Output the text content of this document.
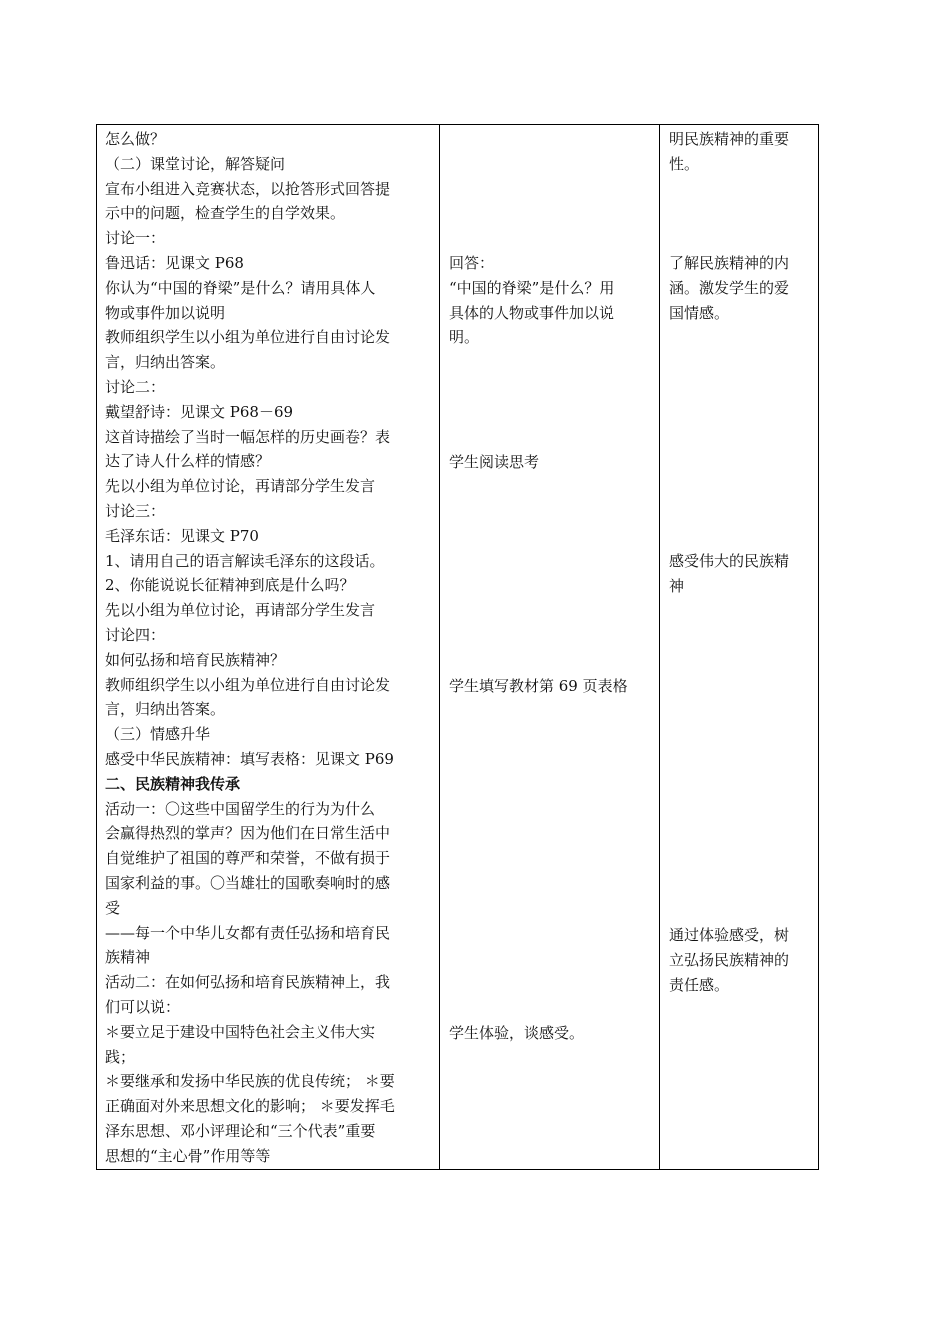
怎么做？
（二）课堂讨论，解答疑问
宣布小组进入竞赛状态，以抢答形式回答提
示中的问题，检查学生的自学效果。
讨论一：
鲁迅话：见课文 P68
你认为“中国的脊梁”是什么？请用具体人
物或事件加以说明
教师组织学生以小组为单位进行自由讨论发
言，归纳出答案。
讨论二：
戴望舒诗：见课文 P68－69
这首诗描绘了当时一幅怎样的历史画卷？表
达了诗人什么样的情感？
先以小组为单位讨论，再请部分学生发言
讨论三：
毛泽东话：见课文 P70
1、请用自己的语言解读毛泽东的这段话。
2、你能说说长征精神到底是什么吗？
先以小组为单位讨论，再请部分学生发言
讨论四：
如何弘扬和培育民族精神？
教师组织学生以小组为单位进行自由讨论发
言，归纳出答案。
（三）情感升华
感受中华民族精神：填写表格：见课文 P69
二、民族精神我传承
活动一：〇这些中国留学生的行为为什么
会赢得热烈的掌声？因为他们在日常生活中
自觉维护了祖国的尊严和荣誉，不做有损于
国家利益的事。〇当雄壮的国歌奏响时的感
受
——每一个中华儿女都有责任弘扬和培育民
族精神
活动二：在如何弘扬和培育民族精神上，我
们可以说：
＊要立足于建设中国特色社会主义伟大实
践；
＊要继承和发扬中华民族的优良传统； ＊要
正确面对外来思想文化的影响； ＊要发挥毛
泽东思想、邓小评理论和“三个代表”重要
思想的“主心骨”作用等等
回答：
“中国的脊梁”是什么？用
具体的人物或事件加以说
明。
学生阅读思考
学生填写教材第 69 页表格
学生体验，谈感受。
明民族精神的重要
性。
了解民族精神的内
涵。激发学生的爱
国情感。
感受伟大的民族精
神
通过体验感受，树
立弘扬民族精神的
责任感。
